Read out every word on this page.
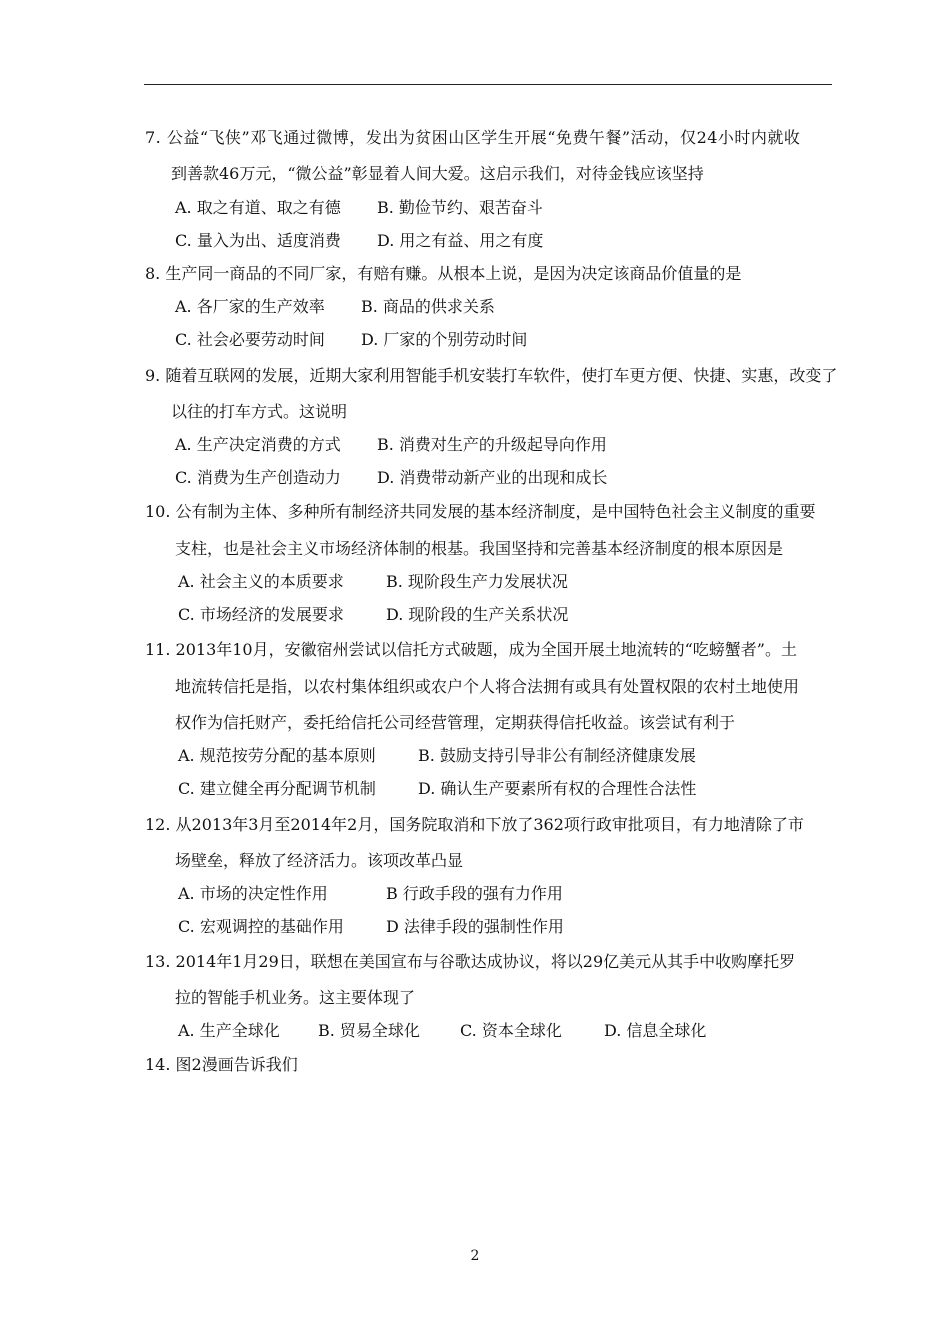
7. 公益“飞侠”邓飞通过微博，发出为贫困山区学生开展“免费午餐”活动，仅24小时内就收
到善款46万元，“微公益”彰显着人间大爱。这启示我们，对待金钱应该坚持
A. 取之有道、取之有德 B. 勤俭节约、艰苦奋斗
C. 量入为出、适度消费 D. 用之有益、用之有度
8. 生产同一商品的不同厂家，有赔有赚。从根本上说，是因为决定该商品价值量的是
A. 各厂家的生产效率 B. 商品的供求关系
C. 社会必要劳动时间 D. 厂家的个别劳动时间
9. 随着互联网的发展，近期大家利用智能手机安装打车软件，使打车更方便、快捷、实惠，改变了
以往的打车方式。这说明
A. 生产决定消费的方式 B. 消费对生产的升级起导向作用
C. 消费为生产创造动力 D. 消费带动新产业的出现和成长
10. 公有制为主体、多种所有制经济共同发展的基本经济制度，是中国特色社会主义制度的重要
支柱，也是社会主义市场经济体制的根基。我国坚持和完善基本经济制度的根本原因是
A. 社会主义的本质要求	B. 现阶段生产力发展状况
C. 市场经济的发展要求	D. 现阶段的生产关系状况
11. 2013年10月，安徽宿州尝试以信托方式破题，成为全国开展土地流转的“吃螃蟹者”。土
地流转信托是指，以农村集体组织或农户个人将合法拥有或具有处置权限的农村土地使用
权作为信托财产，委托给信托公司经营管理，定期获得信托收益。该尝试有利于
A. 规范按劳分配的基本原则	B. 鼓励支持引导非公有制经济健康发展
C. 建立健全再分配调节机制	D. 确认生产要素所有权的合理性合法性
12. 从2013年3月至2014年2月，国务院取消和下放了362项行政审批项目，有力地清除了市
场壁垒，释放了经济活力。该项改革凸显
A. 市场的决定性作用	B 行政手段的强有力作用
C. 宏观调控的基础作用	D 法律手段的强制性作用
13. 2014年1月29日，联想在美国宣布与谷歌达成协议，将以29亿美元从其手中收购摩托罗
拉的智能手机业务。这主要体现了
A. 生产全球化 B. 贸易全球化	C. 资本全球化	D. 信息全球化
14. 图2漫画告诉我们
2
